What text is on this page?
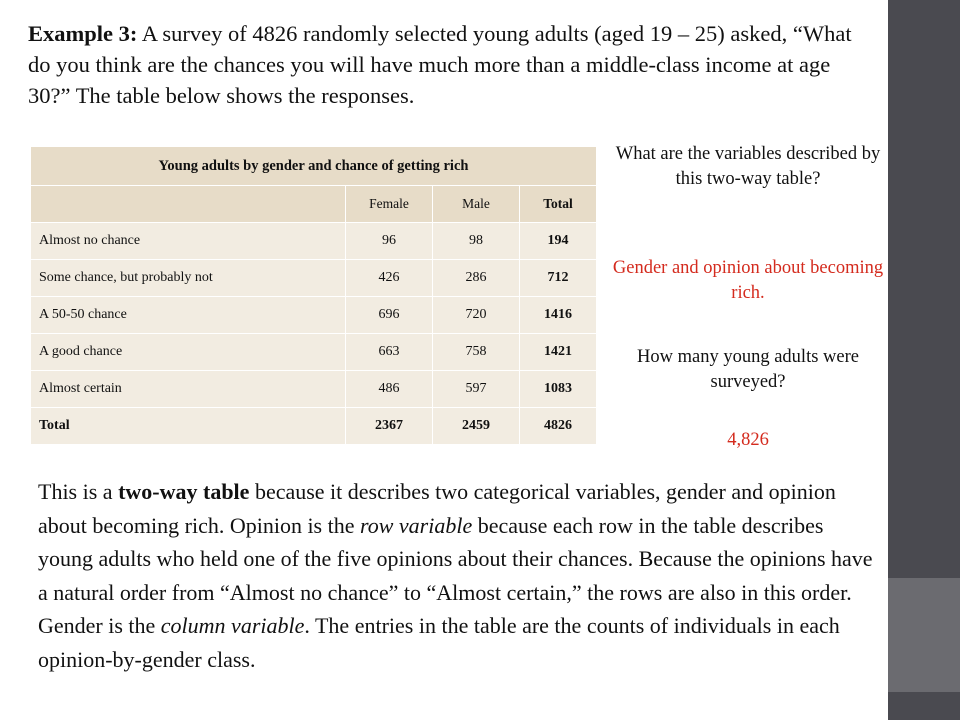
Example 3: A survey of 4826 randomly selected young adults (aged 19 – 25) asked, “What do you think are the chances you will have much more than a middle-class income at age 30?” The table below shows the responses.

Young adults by gender and chance of getting rich			
	Female	Male	Total
Almost no chance	96	98	194
Some chance, but probably not	426	286	712
A 50-50 chance	696	720	1416
A good chance	663	758	1421
Almost certain	486	597	1083
Total	2367	2459	4826
What are the variables described by this two-way table?
Gender and opinion about becoming rich.
How many young adults were surveyed?
4,826

This is a two-way table because it describes two categorical variables, gender and opinion about becoming rich. Opinion is the row variable because each row in the table describes young adults who held one of the five opinions about their chances. Because the opinions have a natural order from “Almost no chance” to “Almost certain,” the rows are also in this order. Gender is the column variable. The entries in the table are the counts of individuals in each opinion-by-gender class.
